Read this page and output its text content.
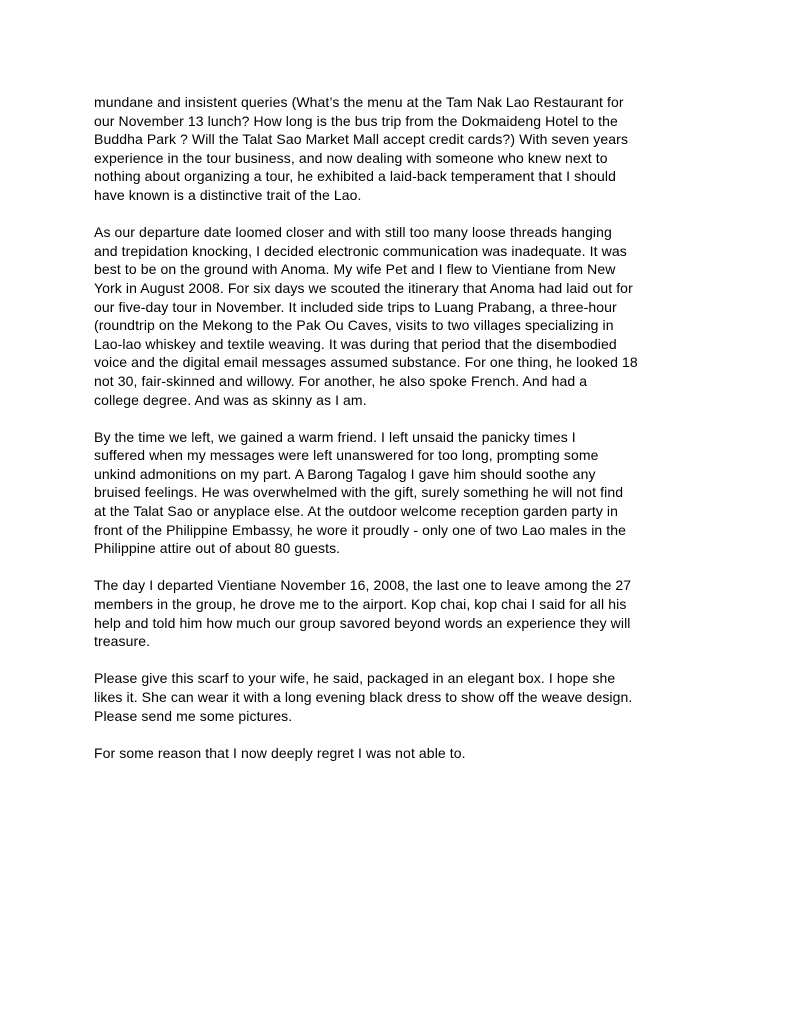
mundane and insistent queries (What’s the menu at the Tam Nak Lao Restaurant for
our November 13 lunch? How long is the bus trip from the Dokmaideng Hotel to the
Buddha Park ? Will the Talat Sao Market Mall accept credit cards?) With seven years
experience in the tour business, and now dealing with someone who knew next to
nothing about organizing a tour, he exhibited a laid-back temperament that I should
have known is a distinctive trait of the Lao.

As our departure date loomed closer and with still too many loose threads hanging
and trepidation knocking, I decided electronic communication was inadequate. It was
best to be on the ground with Anoma. My wife Pet and I flew to Vientiane from New
York in August 2008. For six days we scouted the itinerary that Anoma had laid out for
our five-day tour in November. It included side trips to Luang Prabang, a three-hour
(roundtrip on the Mekong to the Pak Ou Caves, visits to two villages specializing in
Lao-lao whiskey and textile weaving. It was during that period that the disembodied
voice and the digital email messages assumed substance. For one thing, he looked 18
not 30, fair-skinned and willowy. For another, he also spoke French. And had a
college degree. And was as skinny as I am.

By the time we left, we gained a warm friend. I left unsaid the panicky times I
suffered when my messages were left unanswered for too long, prompting some
unkind admonitions on my part. A Barong Tagalog I gave him should soothe any
bruised feelings. He was overwhelmed with the gift, surely something he will not find
at the Talat Sao or anyplace else. At the outdoor welcome reception garden party in
front of the Philippine Embassy, he wore it proudly - only one of two Lao males in the
Philippine attire out of about 80 guests.

The day I departed Vientiane November 16, 2008, the last one to leave among the 27
members in the group, he drove me to the airport. Kop chai, kop chai I said for all his
help and told him how much our group savored beyond words an experience they will
treasure.

Please give this scarf to your wife, he said, packaged in an elegant box. I hope she
likes it. She can wear it with a long evening black dress to show off the weave design.
Please send me some pictures.

For some reason that I now deeply regret I was not able to.
